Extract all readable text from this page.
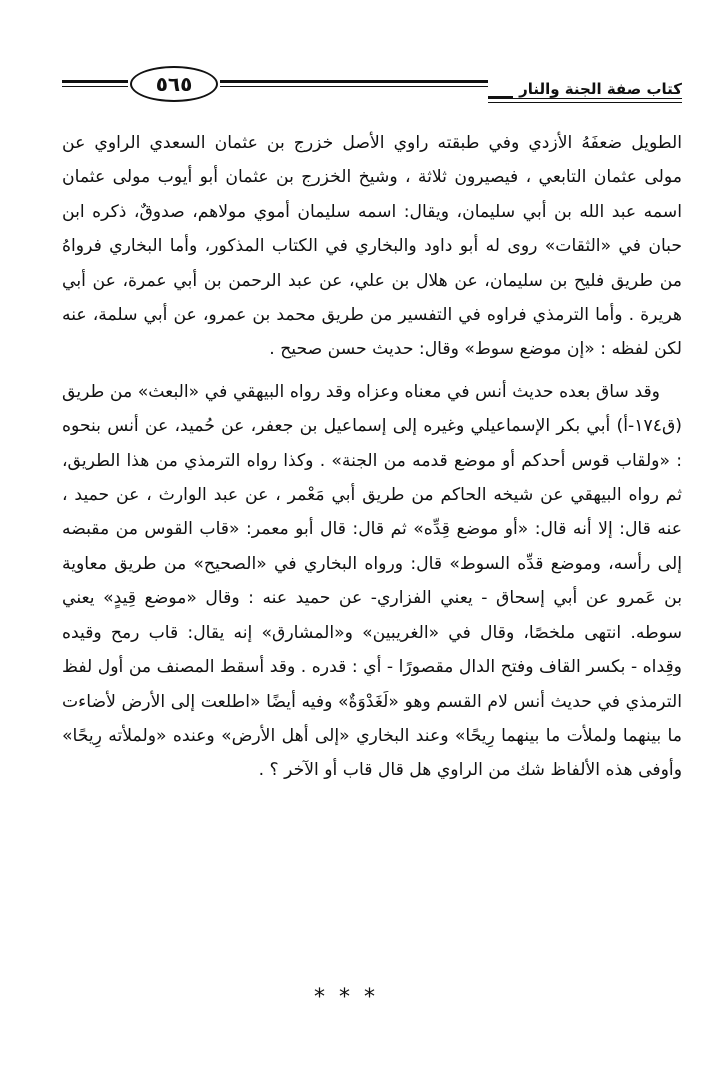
٥٦٥	كتاب صفة الجنة والنار

الطويل ضعفَهُ الأزدي وفي طبقته راوي الأصل خزرج بن عثمان السعدي الراوي عن مولى عثمان التابعي ، فيصيرون ثلاثة ، وشيخ الخزرج بن عثمان أبو أيوب مولى عثمان اسمه عبد الله بن أبي سليمان، ويقال: اسمه سليمان أموي مولاهم، صدوقٌ، ذكره ابن حبان في «الثقات» روى له أبو داود والبخاري في الكتاب المذكور، وأما البخاري فرواهُ من طريق فليح بن سليمان، عن هلال بن علي، عن عبد الرحمن بن أبي عمرة، عن أبي هريرة . وأما الترمذي فراوه في التفسير من طريق محمد بن عمرو، عن أبي سلمة، عنه لكن لفظه : «إن موضع سوط» وقال: حديث حسن صحيح .

وقد ساق بعده حديث أنس في معناه وعزاه وقد رواه البيهقي في «البعث» من طريق (ق١٧٤-أ) أبي بكر الإسماعيلي وغيره إلى إسماعيل بن جعفر، عن حُميد، عن أنس بنحوه : «ولقاب قوس أحدكم أو موضع قدمه من الجنة» . وكذا رواه الترمذي من هذا الطريق، ثم رواه البيهقي عن شيخه الحاكم من طريق أبي مَعْمر ، عن عبد الوارث ، عن حميد ، عنه قال: إلا أنه قال: «أو موضع قِدِّه» ثم قال: قال أبو معمر: «قاب القوس من مقبضه إلى رأسه، وموضع قدِّه السوط» قال: ورواه البخاري في «الصحيح» من طريق معاوية بن عَمرو عن أبي إسحاق - يعني الفزاري- عن حميد عنه : وقال «موضع قِيدٍ» يعني سوطه. انتهى ملخصًا، وقال في «الغريبين» و«المشارق» إنه يقال: قاب رمح وقيده وقِداه - بكسر القاف وفتح الدال مقصورًا - أي : قدره . وقد أسقط المصنف من أول لفظ الترمذي في حديث أنس لام القسم وهو «لَغَدْوَةٌ» وفيه أيضًا «اطلعت إلى الأرض لأضاءت ما بينهما ولملأت ما بينهما رِيحًا» وعند البخاري «إلى أهل الأرض» وعنده «ولملأته رِيحًا» وأوفى هذه الألفاظ شك من الراوي هل قال قاب أو الآخر ؟ .

***
